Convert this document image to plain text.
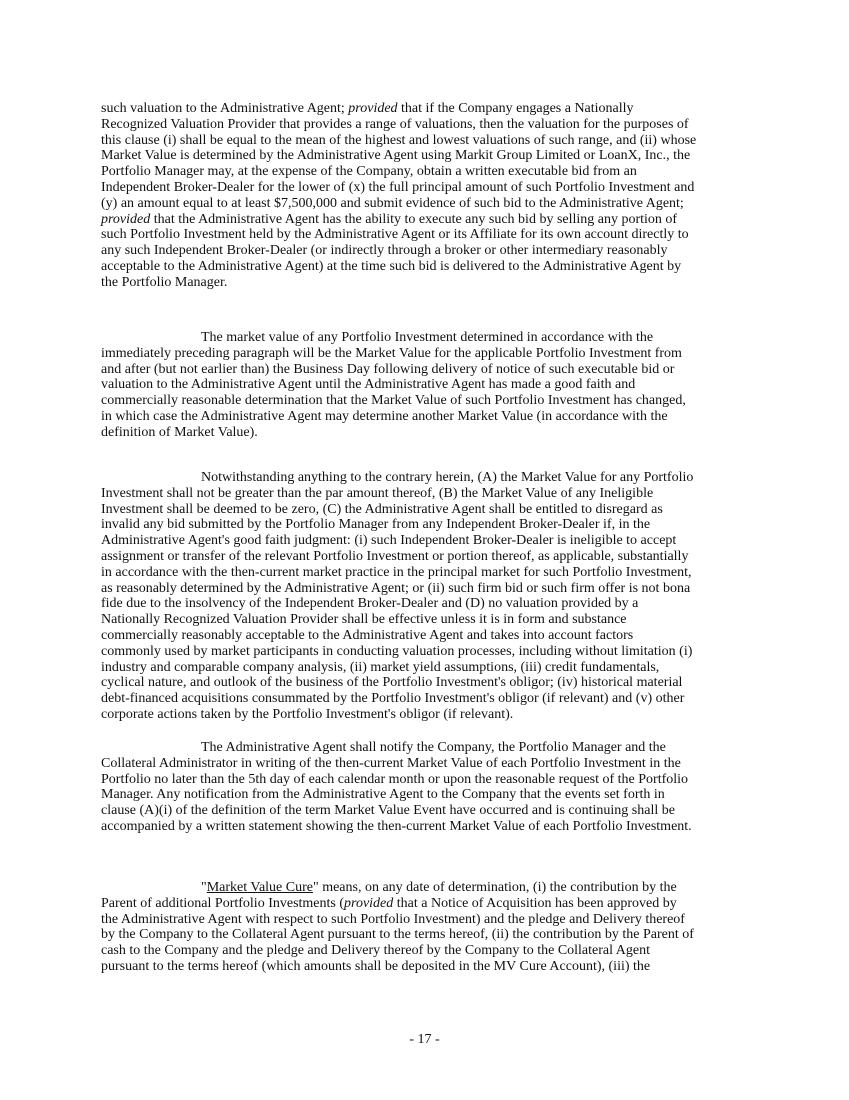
such valuation to the Administrative Agent; provided that if the Company engages a Nationally
Recognized Valuation Provider that provides a range of valuations, then the valuation for the purposes of
this clause (i) shall be equal to the mean of the highest and lowest valuations of such range, and (ii) whose
Market Value is determined by the Administrative Agent using Markit Group Limited or LoanX, Inc., the
Portfolio Manager may, at the expense of the Company, obtain a written executable bid from an
Independent Broker-Dealer for the lower of (x) the full principal amount of such Portfolio Investment and
(y) an amount equal to at least $7,500,000 and submit evidence of such bid to the Administrative Agent;
provided that the Administrative Agent has the ability to execute any such bid by selling any portion of
such Portfolio Investment held by the Administrative Agent or its Affiliate for its own account directly to
any such Independent Broker-Dealer (or indirectly through a broker or other intermediary reasonably
acceptable to the Administrative Agent) at the time such bid is delivered to the Administrative Agent by
the Portfolio Manager.
The market value of any Portfolio Investment determined in accordance with the
immediately preceding paragraph will be the Market Value for the applicable Portfolio Investment from
and after (but not earlier than) the Business Day following delivery of notice of such executable bid or
valuation to the Administrative Agent until the Administrative Agent has made a good faith and
commercially reasonable determination that the Market Value of such Portfolio Investment has changed,
in which case the Administrative Agent may determine another Market Value (in accordance with the
definition of Market Value).
Notwithstanding anything to the contrary herein, (A) the Market Value for any Portfolio
Investment shall not be greater than the par amount thereof, (B) the Market Value of any Ineligible
Investment shall be deemed to be zero, (C) the Administrative Agent shall be entitled to disregard as
invalid any bid submitted by the Portfolio Manager from any Independent Broker-Dealer if, in the
Administrative Agent's good faith judgment: (i) such Independent Broker-Dealer is ineligible to accept
assignment or transfer of the relevant Portfolio Investment or portion thereof, as applicable, substantially
in accordance with the then-current market practice in the principal market for such Portfolio Investment,
as reasonably determined by the Administrative Agent; or (ii) such firm bid or such firm offer is not bona
fide due to the insolvency of the Independent Broker-Dealer and (D) no valuation provided by a
Nationally Recognized Valuation Provider shall be effective unless it is in form and substance
commercially reasonably acceptable to the Administrative Agent and takes into account factors
commonly used by market participants in conducting valuation processes, including without limitation (i)
industry and comparable company analysis, (ii) market yield assumptions, (iii) credit fundamentals,
cyclical nature, and outlook of the business of the Portfolio Investment's obligor; (iv) historical material
debt-financed acquisitions consummated by the Portfolio Investment's obligor (if relevant) and (v) other
corporate actions taken by the Portfolio Investment's obligor (if relevant).
The Administrative Agent shall notify the Company, the Portfolio Manager and the
Collateral Administrator in writing of the then-current Market Value of each Portfolio Investment in the
Portfolio no later than the 5th day of each calendar month or upon the reasonable request of the Portfolio
Manager. Any notification from the Administrative Agent to the Company that the events set forth in
clause (A)(i) of the definition of the term Market Value Event have occurred and is continuing shall be
accompanied by a written statement showing the then-current Market Value of each Portfolio Investment.
"Market Value Cure" means, on any date of determination, (i) the contribution by the
Parent of additional Portfolio Investments (provided that a Notice of Acquisition has been approved by
the Administrative Agent with respect to such Portfolio Investment) and the pledge and Delivery thereof
by the Company to the Collateral Agent pursuant to the terms hereof, (ii) the contribution by the Parent of
cash to the Company and the pledge and Delivery thereof by the Company to the Collateral Agent
pursuant to the terms hereof (which amounts shall be deposited in the MV Cure Account), (iii) the
- 17 -
